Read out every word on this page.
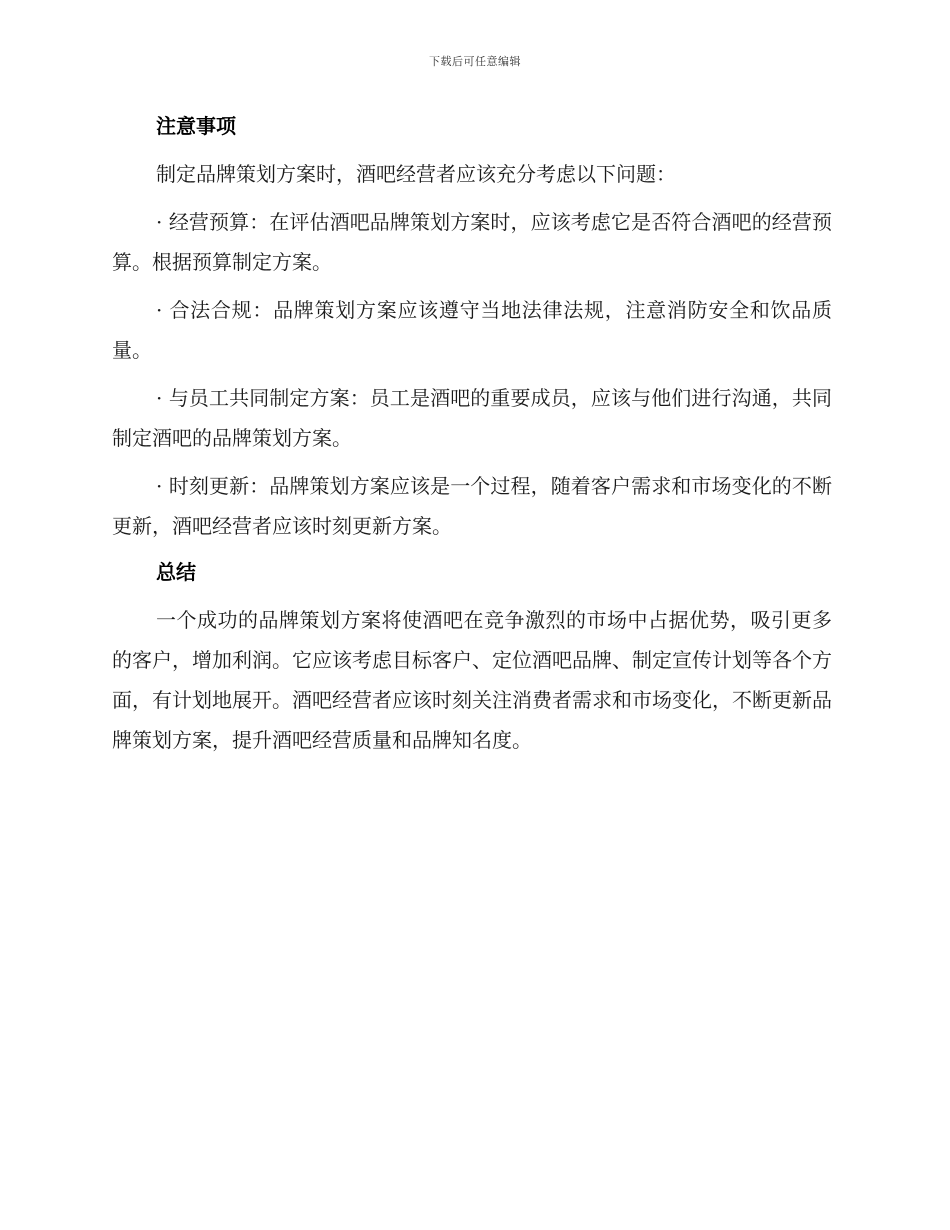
下载后可任意编辑
注意事项

制定品牌策划方案时，酒吧经营者应该充分考虑以下问题：

· 经营预算：在评估酒吧品牌策划方案时，应该考虑它是否符合酒吧的经营预算。根据预算制定方案。

· 合法合规：品牌策划方案应该遵守当地法律法规，注意消防安全和饮品质量。

· 与员工共同制定方案：员工是酒吧的重要成员，应该与他们进行沟通，共同制定酒吧的品牌策划方案。

· 时刻更新：品牌策划方案应该是一个过程，随着客户需求和市场变化的不断更新，酒吧经营者应该时刻更新方案。

总结

一个成功的品牌策划方案将使酒吧在竞争激烈的市场中占据优势，吸引更多的客户，增加利润。它应该考虑目标客户、定位酒吧品牌、制定宣传计划等各个方面，有计划地展开。酒吧经营者应该时刻关注消费者需求和市场变化，不断更新品牌策划方案，提升酒吧经营质量和品牌知名度。
